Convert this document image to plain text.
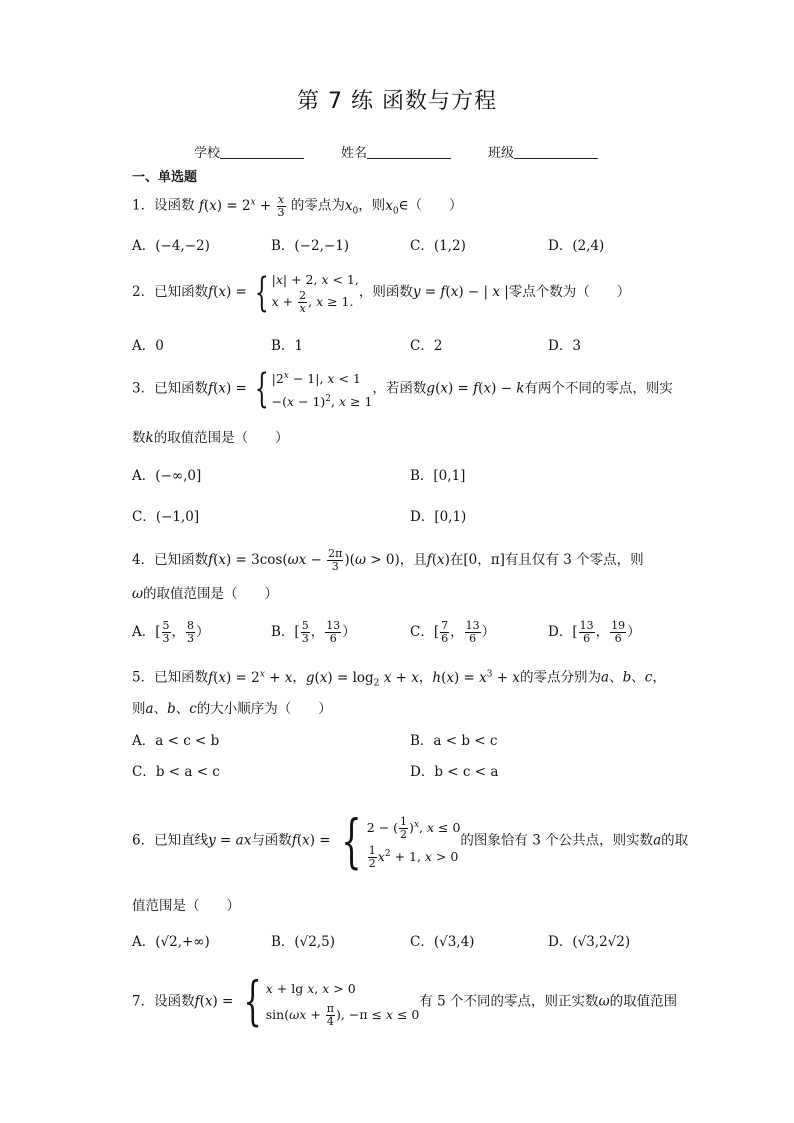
第 7 练 函数与方程
学校	姓名	班级
一、单选题
1．设函数 $f(x) = 2^x + \frac{x}{3}$ 的零点为$x_0$，则$x_0\in$（　　）
A．(−4,−2)	B．(−2,−1)	C．(1,2)	D．(2,4)
2．已知函数f(x) = { |x| + 2, x < 1,
$x + \frac{2}{x}$ , x ≥ 1.
，则函数y = f(x) − | x |零点个数为（　　）
A．0	B．1	C．2	D．3
3．已知函数f(x) = { $|2^x - 1|$, x < 1
$-(x - 1)^2$, x ≥ 1
，若函数g(x) = f(x) − k有两个不同的零点，则实
数k的取值范围是（　　）
A．(−∞,0]	B．[0,1]
C．(−1,0]	D．[0,1)
4．已知函数$f(x) = 3\cos(\omega x - \frac{2\pi}{3} )(\omega > 0)$，且f(x)在[0，π]有且仅有 3 个零点，则
ω的取值范围是（　　）
A．[ $\frac{5}{3}$ ， $\frac{8}{3}$ ）	B．[ $\frac{5}{3}$ ， $\frac{13}{6}$ ）	C．[ $\frac{7}{6}$ ， $\frac{13}{6}$ ）	D．[ $\frac{13}{6}$ ， $\frac{19}{6}$ ）
5．已知函数$f(x) = 2^x + x$，$g(x) = \log_2 x + x$，$h(x) = x^3 + x$的零点分别为a、b、c，
则a、b、c的大小顺序为（　　）
A．a < c < b	B．a < b < c
C．b < a < c	D．b < c < a
6．已知直线y = ax与函数f(x) = { 2 − ( $\frac{1}{2} )^x$, x ≤ 0
$\frac{1}{2} x^2 + 1$, x > 0
的图象恰有 3 个公共点，则实数a的取
值范围是（　　）
A．(√2,+∞)	B．(√2,5)	C．(√3,4)	D．(√3,2√2)
7．设函数f(x) = { x + lg x, x > 0
$\sin(\omega x + \frac{\pi}{4}$ ), −π ≤ x ≤ 0
有 5 个不同的零点，则正实数ω的取值范围
